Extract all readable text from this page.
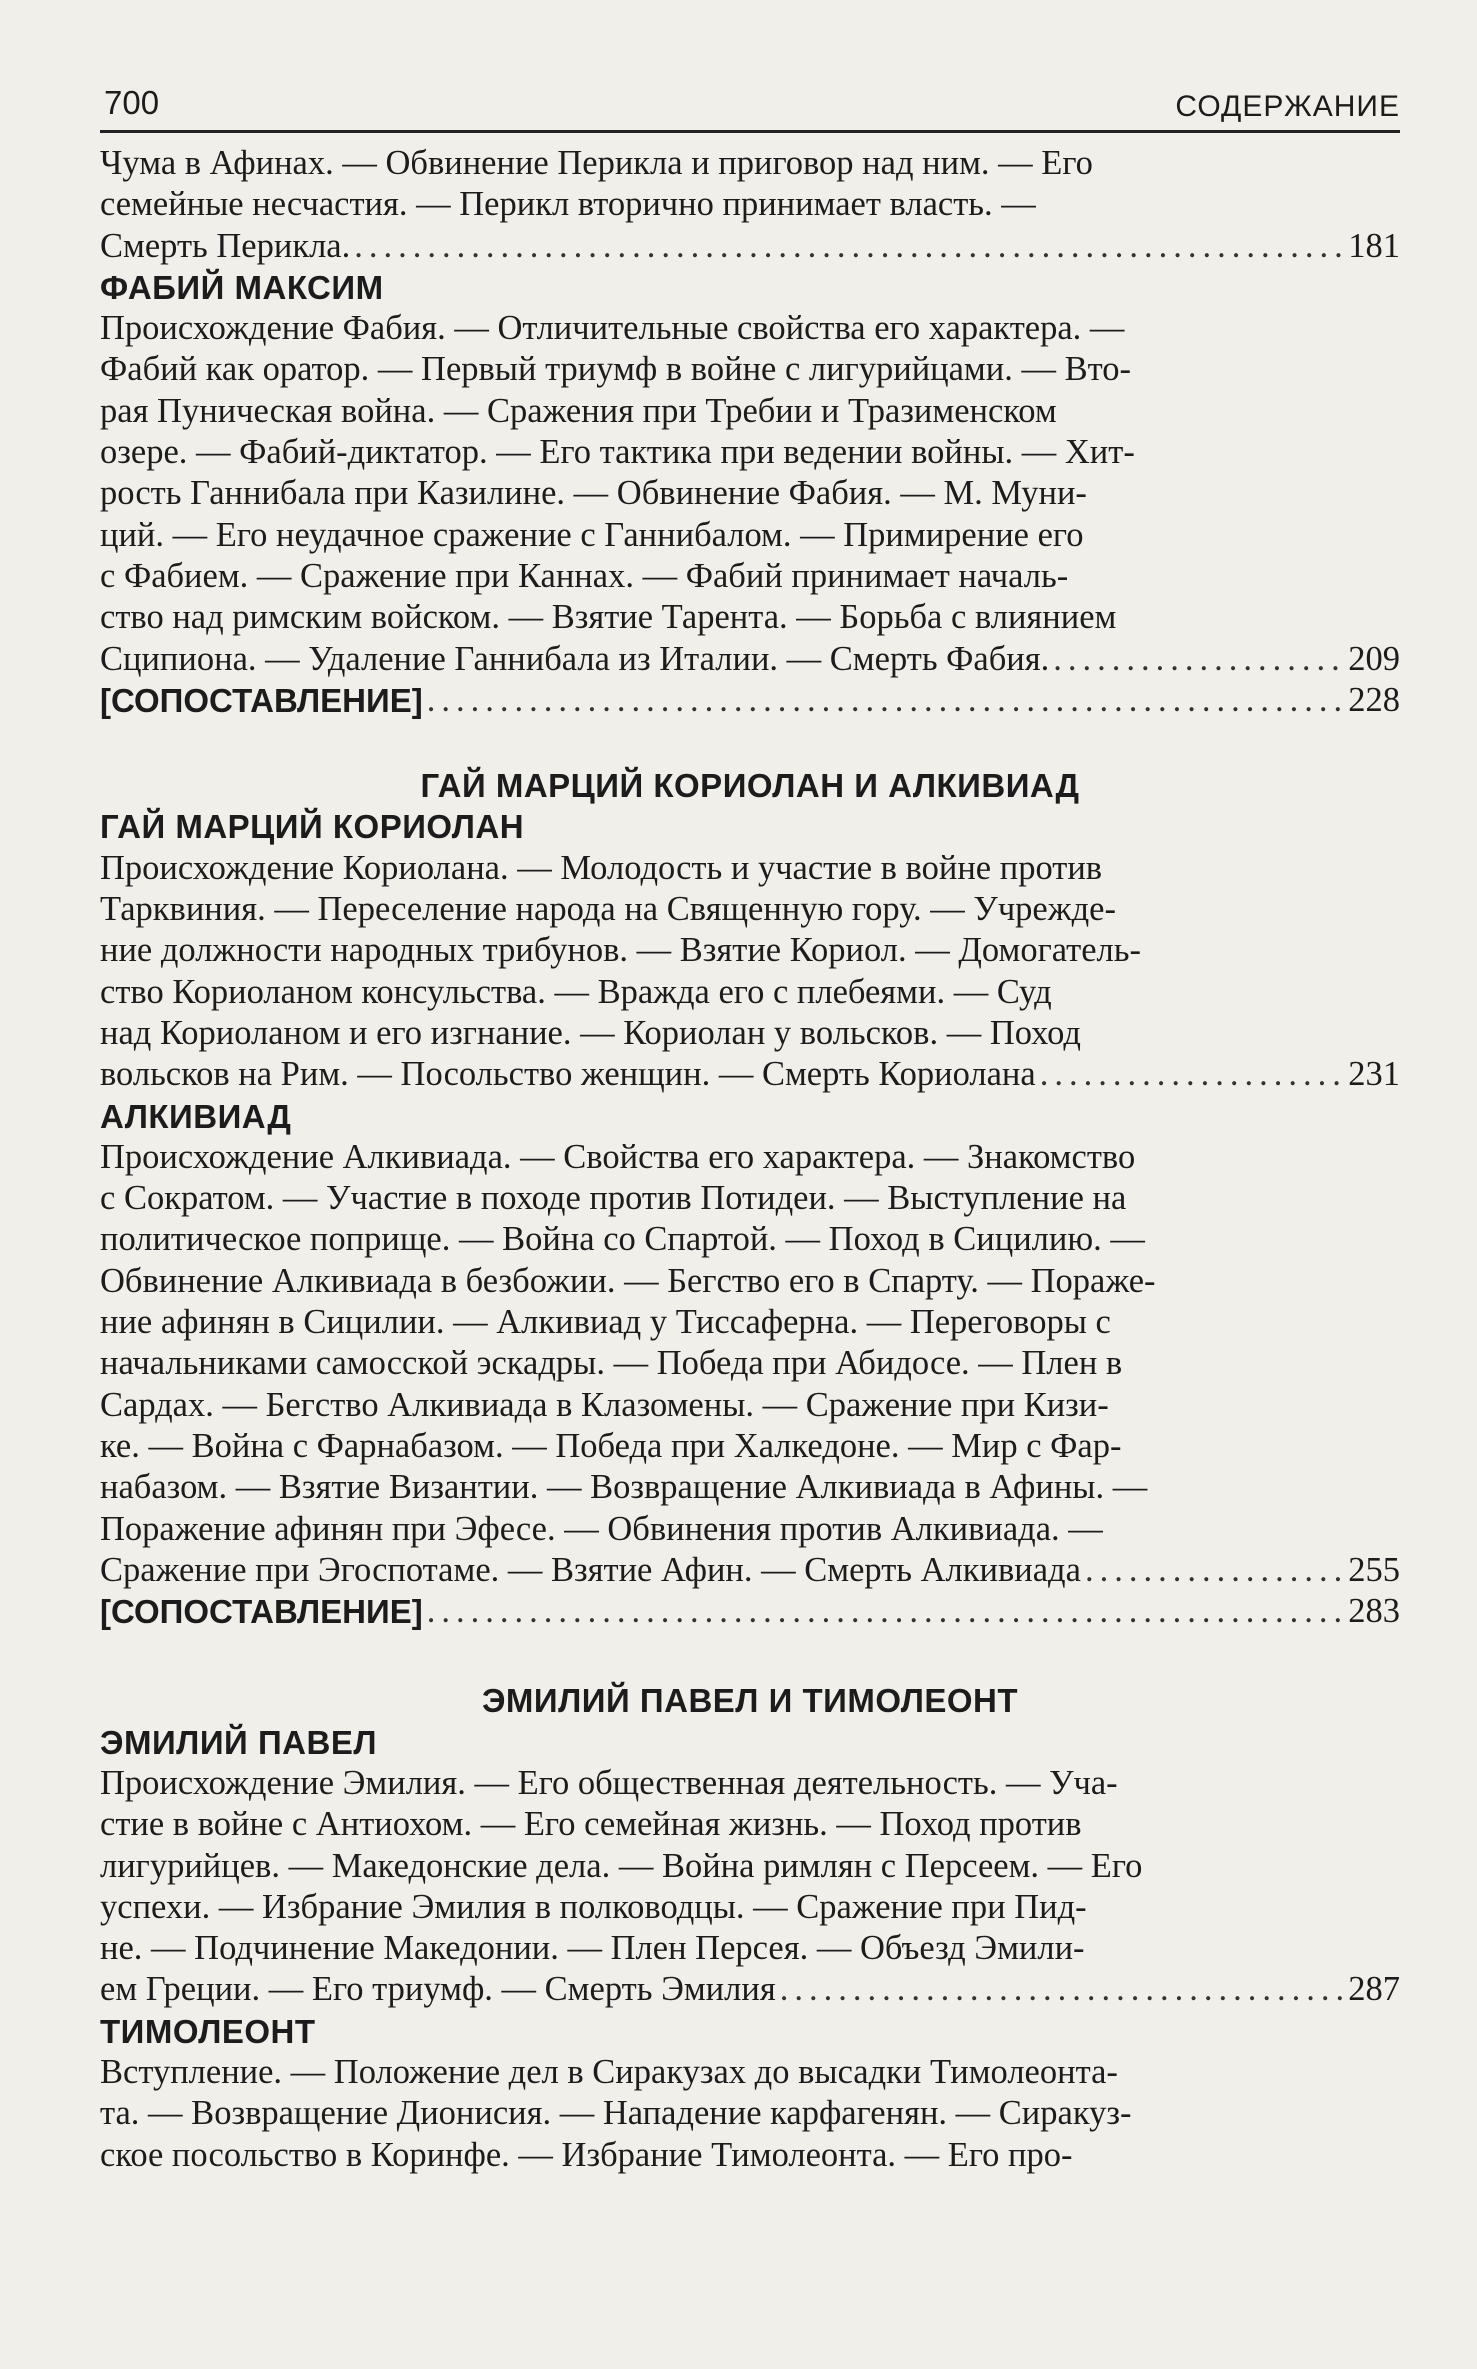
700	СОДЕРЖАНИЕ
Чума в Афинах. — Обвинение Перикла и приговор над ним. — Его
семейные несчастия. — Перикл вторично принимает власть. —
Смерть Перикла. .....	181
ФАБИЙ МАКСИМ
Происхождение Фабия. — Отличительные свойства его характера. —
Фабий как оратор. — Первый триумф в войне с лигурийцами. — Вто-
рая Пуническая война. — Сражения при Требии и Тразименском
озере. — Фабий-диктатор. — Его тактика при ведении войны. — Хит-
рость Ганнибала при Казилине. — Обвинение Фабия. — М. Муни-
ций. — Его неудачное сражение с Ганнибалом. — Примирение его
с Фабием. — Сражение при Каннах. — Фабий принимает началь-
ство над римским войском. — Взятие Тарента. — Борьба с влиянием
Сципиона. — Удаление Ганнибала из Италии. — Смерть Фабия. .....	209
[СОПОСТАВЛЕНИЕ] .....	228
ГАЙ МАРЦИЙ КОРИОЛАН И АЛКИВИАД
ГАЙ МАРЦИЙ КОРИОЛАН
Происхождение Кориолана. — Молодость и участие в войне против
Тарквиния. — Переселение народа на Священную гору. — Учрежде-
ние должности народных трибунов. — Взятие Кориол. — Домогатель-
ство Кориоланом консульства. — Вражда его с плебеями. — Суд
над Кориоланом и его изгнание. — Кориолан у вольсков. — Поход
вольсков на Рим. — Посольство женщин. — Смерть Кориолана .....	231
АЛКИВИАД
Происхождение Алкивиада. — Свойства его характера. — Знакомство
с Сократом. — Участие в походе против Потидеи. — Выступление на
политическое поприще. — Война со Спартой. — Поход в Сицилию. —
Обвинение Алкивиада в безбожии. — Бегство его в Спарту. — Пораже-
ние афинян в Сицилии. — Алкивиад у Тиссаферна. — Переговоры с
начальниками самосской эскадры. — Победа при Абидосе. — Плен в
Сардах. — Бегство Алкивиада в Клазомены. — Сражение при Кизи-
ке. — Война с Фарнабазом. — Победа при Халкедоне. — Мир с Фар-
набазом. — Взятие Византии. — Возвращение Алкивиада в Афины. —
Поражение афинян при Эфесе. — Обвинения против Алкивиада. —
Сражение при Эгоспотаме. — Взятие Афин. — Смерть Алкивиада .....	255
[СОПОСТАВЛЕНИЕ] .....	283
ЭМИЛИЙ ПАВЕЛ И ТИМОЛЕОНТ
ЭМИЛИЙ ПАВЕЛ
Происхождение Эмилия. — Его общественная деятельность. — Уча-
стие в войне с Антиохом. — Его семейная жизнь. — Поход против
лигурийцев. — Македонские дела. — Война римлян с Персеем. — Его
успехи. — Избрание Эмилия в полководцы. — Сражение при Пид-
не. — Подчинение Македонии. — Плен Персея. — Объезд Эмили-
ем Греции. — Его триумф. — Смерть Эмилия .....	287
ТИМОЛЕОНТ
Вступление. — Положение дел в Сиракузах до высадки Тимолеонта-
та. — Возвращение Дионисия. — Нападение карфагенян. — Сиракуз-
ское посольство в Коринфе. — Избрание Тимолеонта. — Его про-
